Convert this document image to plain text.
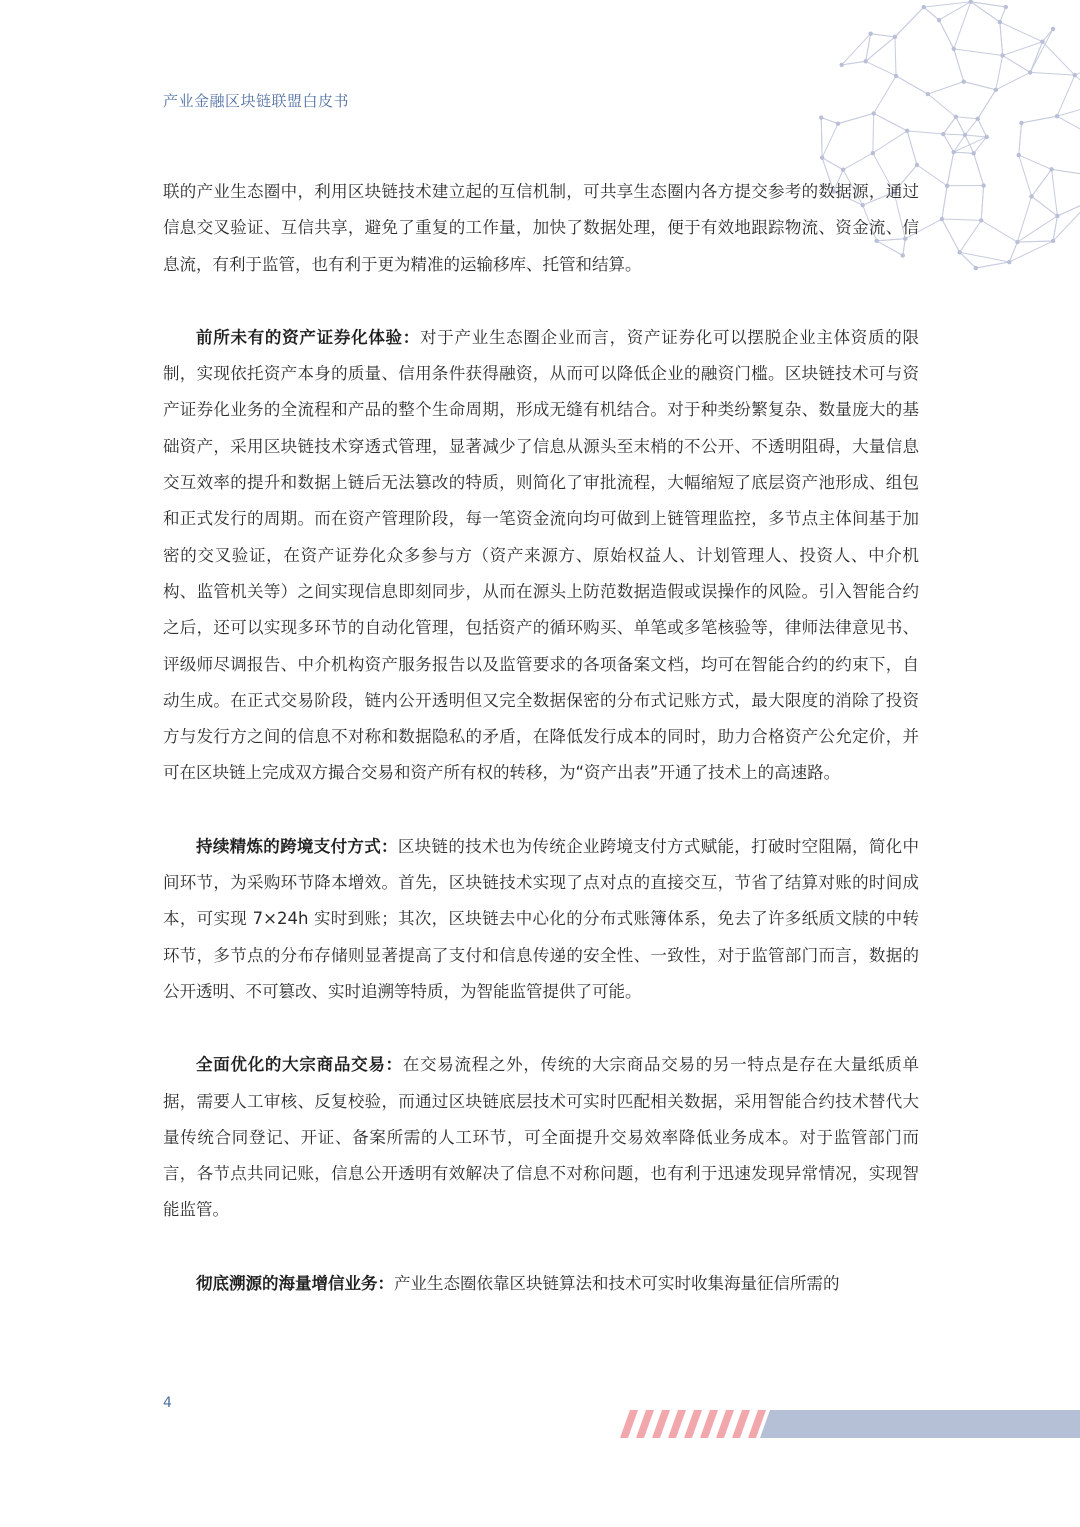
产业金融区块链联盟白皮书

联的产业生态圈中，利用区块链技术建立起的互信机制，可共享生态圈内各方提交参考的数据源，通过信息交叉验证、互信共享，避免了重复的工作量，加快了数据处理，便于有效地跟踪物流、资金流、信息流，有利于监管，也有利于更为精准的运输移库、托管和结算。

前所未有的资产证券化体验：对于产业生态圈企业而言，资产证券化可以摆脱企业主体资质的限制，实现依托资产本身的质量、信用条件获得融资，从而可以降低企业的融资门槛。区块链技术可与资产证券化业务的全流程和产品的整个生命周期，形成无缝有机结合。对于种类纷繁复杂、数量庞大的基础资产，采用区块链技术穿透式管理，显著减少了信息从源头至末梢的不公开、不透明阻碍，大量信息交互效率的提升和数据上链后无法篡改的特质，则简化了审批流程，大幅缩短了底层资产池形成、组包和正式发行的周期。而在资产管理阶段，每一笔资金流向均可做到上链管理监控，多节点主体间基于加密的交叉验证，在资产证券化众多参与方（资产来源方、原始权益人、计划管理人、投资人、中介机构、监管机关等）之间实现信息即刻同步，从而在源头上防范数据造假或误操作的风险。引入智能合约之后，还可以实现多环节的自动化管理，包括资产的循环购买、单笔或多笔核验等，律师法律意见书、评级师尽调报告、中介机构资产服务报告以及监管要求的各项备案文档，均可在智能合约的约束下，自动生成。在正式交易阶段，链内公开透明但又完全数据保密的分布式记账方式，最大限度的消除了投资方与发行方之间的信息不对称和数据隐私的矛盾，在降低发行成本的同时，助力合格资产公允定价，并可在区块链上完成双方撮合交易和资产所有权的转移，为“资产出表”开通了技术上的高速路。

持续精炼的跨境支付方式：区块链的技术也为传统企业跨境支付方式赋能，打破时空阻隔，简化中间环节，为采购环节降本增效。首先，区块链技术实现了点对点的直接交互，节省了结算对账的时间成本，可实现 7×24h 实时到账；其次，区块链去中心化的分布式账簿体系，免去了许多纸质文牍的中转环节，多节点的分布存储则显著提高了支付和信息传递的安全性、一致性，对于监管部门而言，数据的公开透明、不可篡改、实时追溯等特质，为智能监管提供了可能。

全面优化的大宗商品交易：在交易流程之外，传统的大宗商品交易的另一特点是存在大量纸质单据，需要人工审核、反复校验，而通过区块链底层技术可实时匹配相关数据，采用智能合约技术替代大量传统合同登记、开证、备案所需的人工环节，可全面提升交易效率降低业务成本。对于监管部门而言，各节点共同记账，信息公开透明有效解决了信息不对称问题，也有利于迅速发现异常情况，实现智能监管。

彻底溯源的海量增信业务：产业生态圈依靠区块链算法和技术可实时收集海量征信所需的

4
